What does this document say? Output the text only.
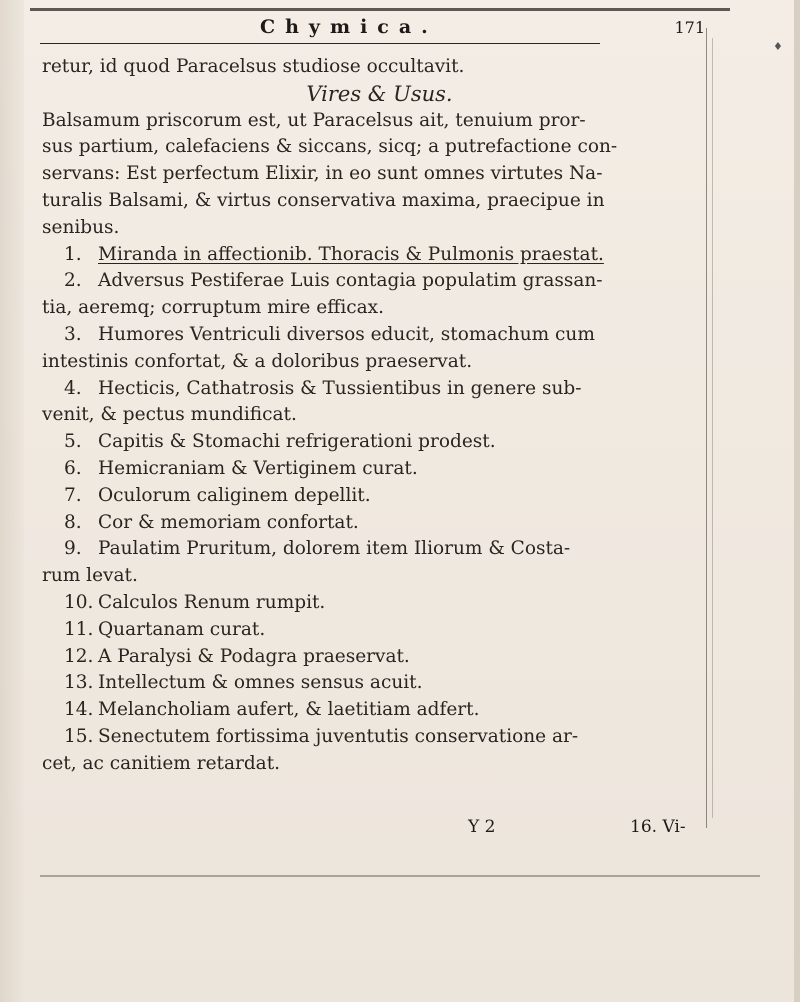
♦
Chymica.	171
retur, id quod Paracelsus studiose occultavit.
Vires & Usus.
Balsamum priscorum est, ut Paracelsus ait, tenuium pror-
sus partium, calefaciens & siccans, sicq; a putrefactione con-
servans: Est perfectum Elixir, in eo sunt omnes virtutes Na-
turalis Balsami, & virtus conservativa maxima, praecipue in
senibus.
1. Miranda in affectionib. Thoracis & Pulmonis praestat.
2. Adversus Pestiferae Luis contagia populatim grassan-
tia, aeremq; corruptum mire efficax.
3. Humores Ventriculi diversos educit, stomachum cum
intestinis confortat, & a doloribus praeservat.
4. Hecticis, Cathatrosis & Tussientibus in genere sub-
venit, & pectus mundificat.
5. Capitis & Stomachi refrigerationi prodest.
6. Hemicraniam & Vertiginem curat.
7. Oculorum caliginem depellit.
8. Cor & memoriam confortat.
9. Paulatim Pruritum, dolorem item Iliorum & Costa-
rum levat.
10. Calculos Renum rumpit.
11. Quartanam curat.
12. A Paralysi & Podagra praeservat.
13. Intellectum & omnes sensus acuit.
14. Melancholiam aufert, & laetitiam adfert.
15. Senectutem fortissima juventutis conservatione ar-
cet, ac canitiem retardat.
Y 2	16. Vi-
